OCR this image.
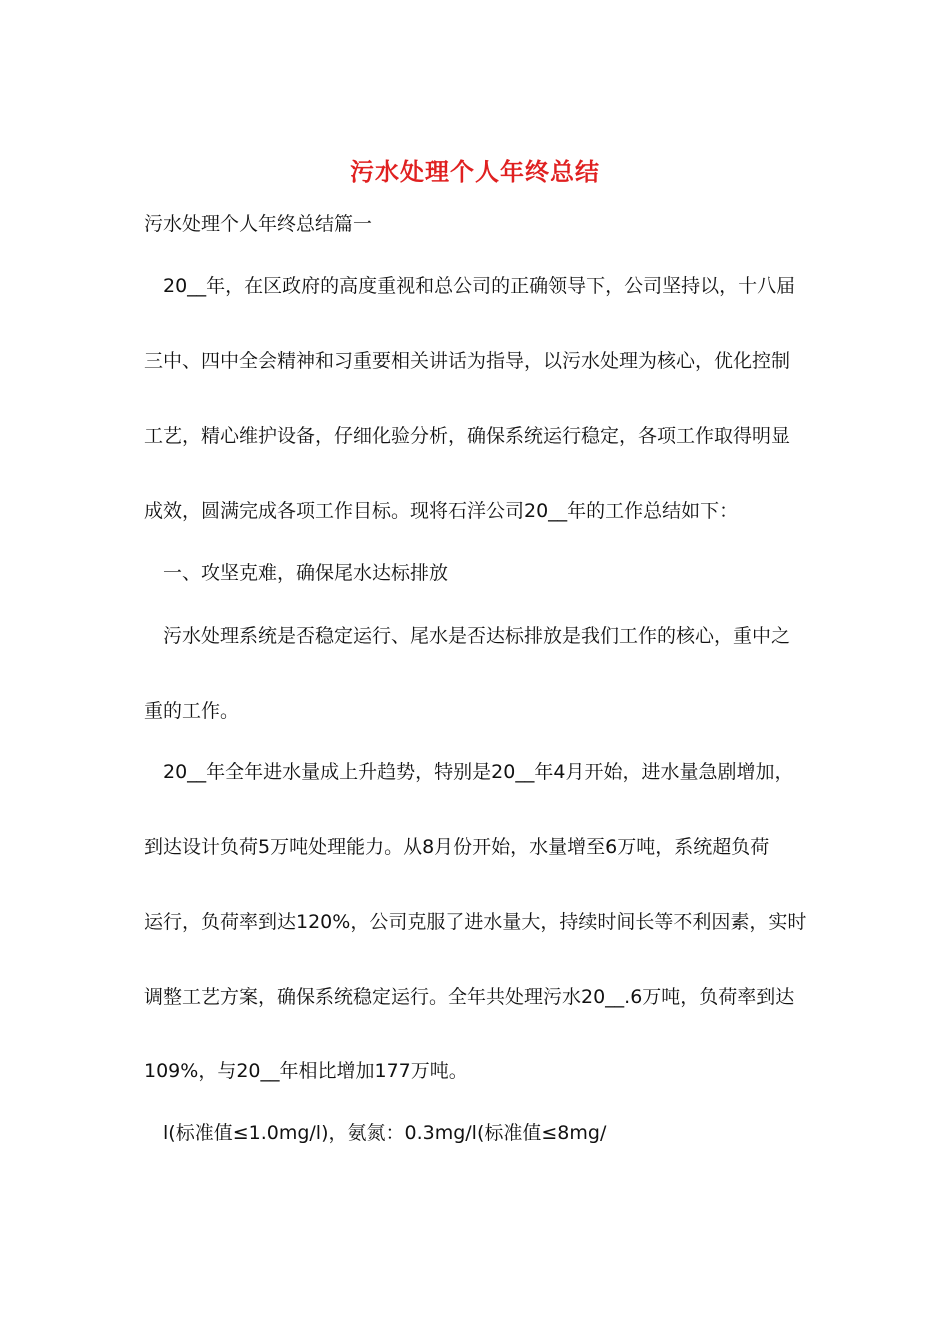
污水处理个人年终总结
污水处理个人年终总结篇一
20__年，在区政府的高度重视和总公司的正确领导下，公司坚持以，十八届
三中、四中全会精神和习重要相关讲话为指导，以污水处理为核心，优化控制
工艺，精心维护设备，仔细化验分析，确保系统运行稳定，各项工作取得明显
成效，圆满完成各项工作目标。现将石洋公司20__年的工作总结如下：
一、攻坚克难，确保尾水达标排放
污水处理系统是否稳定运行、尾水是否达标排放是我们工作的核心，重中之
重的工作。
20__年全年进水量成上升趋势，特别是20__年4月开始，进水量急剧增加，
到达设计负荷5万吨处理能力。从8月份开始，水量增至6万吨，系统超负荷
运行，负荷率到达120%，公司克服了进水量大，持续时间长等不利因素，实时
调整工艺方案，确保系统稳定运行。全年共处理污水20__.6万吨，负荷率到达
109%，与20__年相比增加177万吨。
l(标准值≤1.0mg/l)，氨氮：0.3mg/l(标准值≤8mg/
